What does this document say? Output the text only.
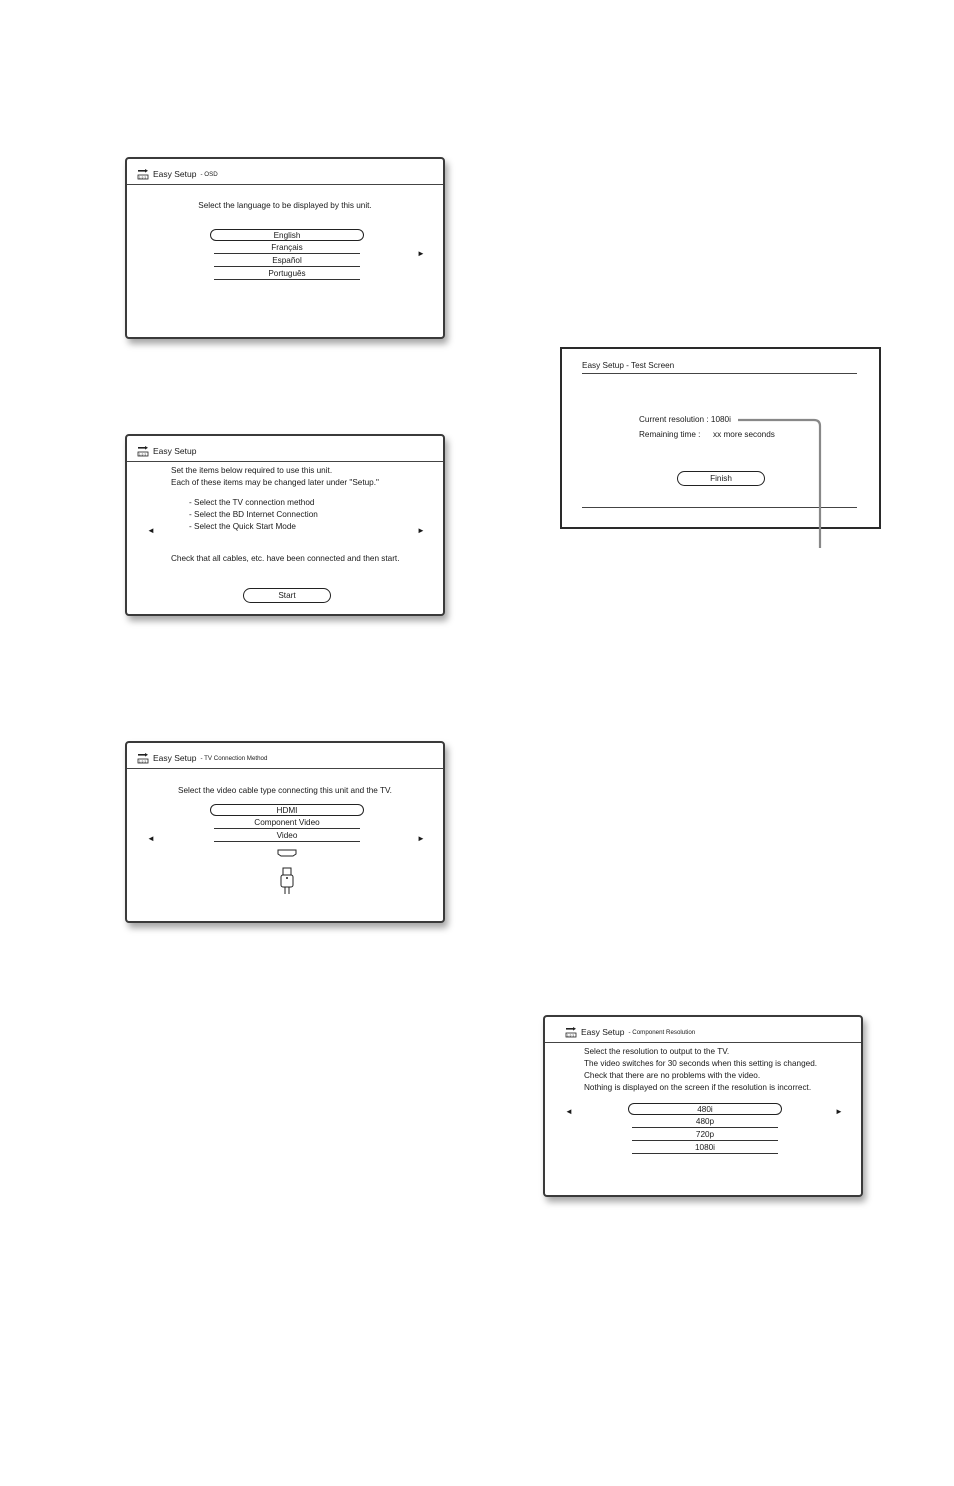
1-2-3 Easy Setup - OSD
Select the language to be displayed by this unit.
English
Français
Español
Português
►
1-2-3 Easy Setup
Set the items below required to use this unit.
Each of these items may be changed later under "Setup."
- Select the TV connection method
- Select the BD Internet Connection
- Select the Quick Start Mode
◄	►
Check that all cables, etc. have been connected and then start.
Start
1-2-3 Easy Setup - TV Connection Method
Select the video cable type connecting this unit and the TV.
HDMI
Component Video
Video
◄	►
Easy Setup - Test Screen
Current resolution : 1080i
Remaining time : xx more seconds
Finish
1-2-3 Easy Setup - Component Resolution
Select the resolution to output to the TV.
The video switches for 30 seconds when this setting is changed.
Check that there are no problems with the video.
Nothing is displayed on the screen if the resolution is incorrect.
◄	►
480i
480p
720p
1080i
